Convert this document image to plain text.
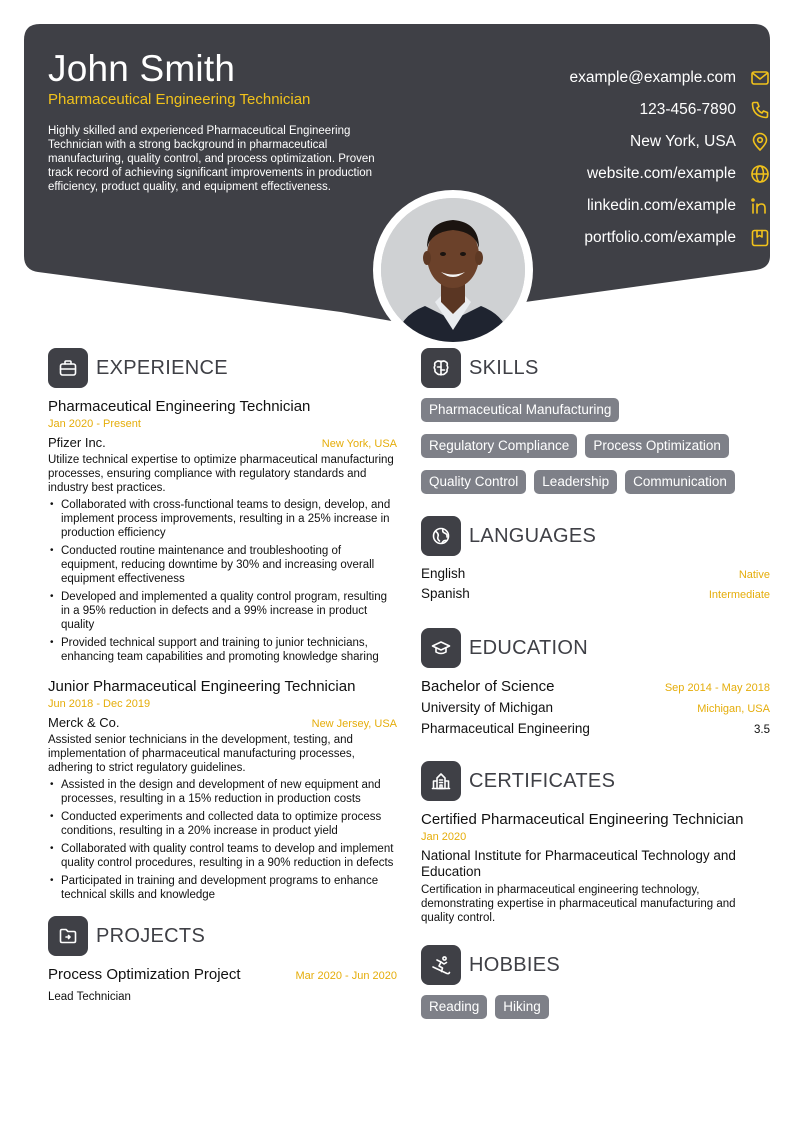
John Smith
Pharmaceutical Engineering Technician
Highly skilled and experienced Pharmaceutical Engineering Technician with a strong background in pharmaceutical manufacturing, quality control, and process optimization. Proven track record of achieving significant improvements in production efficiency, product quality, and equipment effectiveness.
example@example.com
123-456-7890
New York, USA
website.com/example
linkedin.com/example
portfolio.com/example
EXPERIENCE
Pharmaceutical Engineering Technician
Jan 2020 - Present
Pfizer Inc.	New York, USA
Utilize technical expertise to optimize pharmaceutical manufacturing processes, ensuring compliance with regulatory standards and industry best practices.
• Collaborated with cross-functional teams to design, develop, and implement process improvements, resulting in a 25% increase in production efficiency
• Conducted routine maintenance and troubleshooting of equipment, reducing downtime by 30% and increasing overall equipment effectiveness
• Developed and implemented a quality control program, resulting in a 95% reduction in defects and a 99% increase in product quality
• Provided technical support and training to junior technicians, enhancing team capabilities and promoting knowledge sharing
Junior Pharmaceutical Engineering Technician
Jun 2018 - Dec 2019
Merck & Co.	New Jersey, USA
Assisted senior technicians in the development, testing, and implementation of pharmaceutical manufacturing processes, adhering to strict regulatory guidelines.
• Assisted in the design and development of new equipment and processes, resulting in a 15% reduction in production costs
• Conducted experiments and collected data to optimize process conditions, resulting in a 20% increase in product yield
• Collaborated with quality control teams to develop and implement quality control procedures, resulting in a 90% reduction in defects
• Participated in training and development programs to enhance technical skills and knowledge
PROJECTS
Process Optimization Project	Mar 2020 - Jun 2020
Lead Technician
SKILLS
Pharmaceutical Manufacturing
Regulatory Compliance	Process Optimization
Quality Control	Leadership	Communication
LANGUAGES
English	Native
Spanish	Intermediate
EDUCATION
Bachelor of Science	Sep 2014 - May 2018
University of Michigan	Michigan, USA
Pharmaceutical Engineering	3.5
CERTIFICATES
Certified Pharmaceutical Engineering Technician
Jan 2020
National Institute for Pharmaceutical Technology and Education
Certification in pharmaceutical engineering technology, demonstrating expertise in pharmaceutical manufacturing and quality control.
HOBBIES
Reading	Hiking
